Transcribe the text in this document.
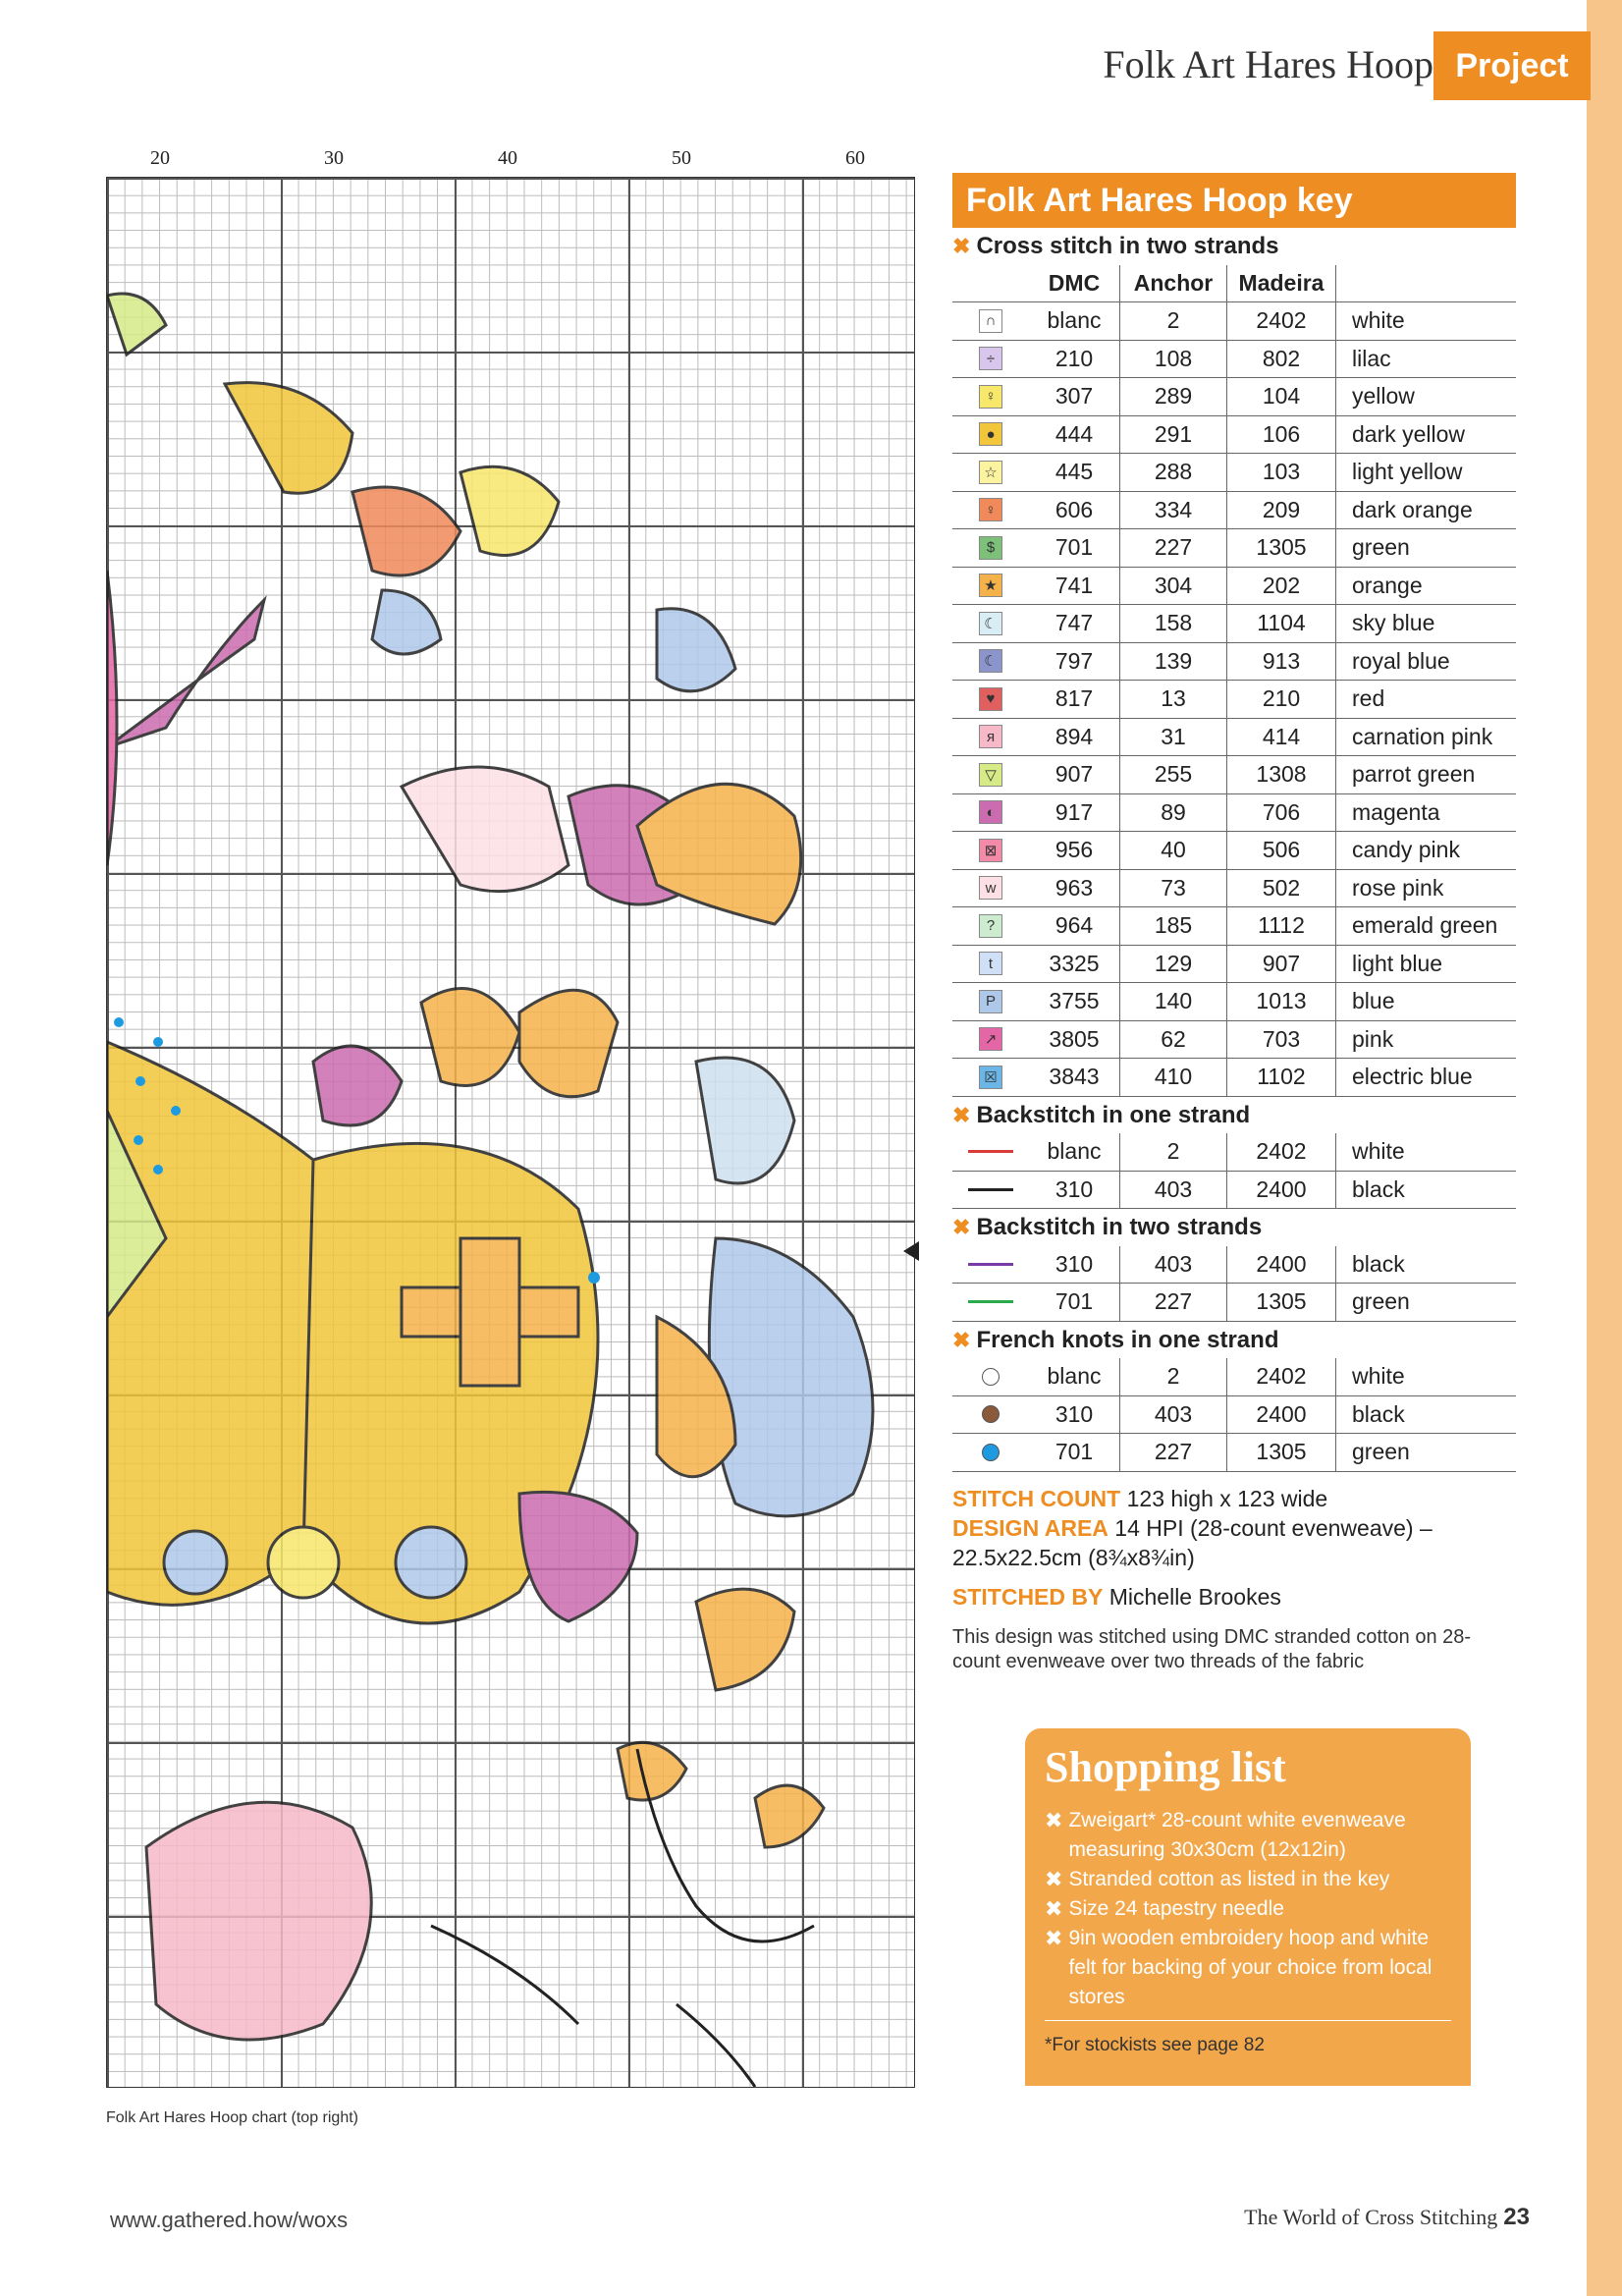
Folk Art Hares Hoop Project
20	30	40	50	60
Folk Art Hares Hoop chart (top right)
Folk Art Hares Hoop key
✖ Cross stitch in two strands
DMC	Anchor	Madeira
∩	blanc	2	2402	white
÷	210	108	802	lilac
♀	307	289	104	yellow
●	444	291	106	dark yellow
☆	445	288	103	light yellow
♀	606	334	209	dark orange
$	701	227	1305	green
★	741	304	202	orange
☾	747	158	1104	sky blue
☾	797	139	913	royal blue
♥	817	13	210	red
я	894	31	414	carnation pink
▽	907	255	1308	parrot green
◐	917	89	706	magenta
⊠	956	40	506	candy pink
w	963	73	502	rose pink
?	964	185	1112	emerald green
t	3325	129	907	light blue
P	3755	140	1013	blue
↗	3805	62	703	pink
☒	3843	410	1102	electric blue
✖ Backstitch in one strand
blanc	2	2402	white
310	403	2400	black
✖ Backstitch in two strands
310	403	2400	black
701	227	1305	green
✖ French knots in one strand
blanc	2	2402	white
310	403	2400	black
701	227	1305	green
STITCH COUNT 123 high x 123 wide
DESIGN AREA 14 HPI (28-count evenweave) – 22.5x22.5cm (8¾x8¾in)
STITCHED BY Michelle Brookes
This design was stitched using DMC stranded cotton on 28-count evenweave over two threads of the fabric
Shopping list
✖ Zweigart* 28-count white evenweave measuring 30x30cm (12x12in)
✖ Stranded cotton as listed in the key
✖ Size 24 tapestry needle
✖ 9in wooden embroidery hoop and white felt for backing of your choice from local stores
*For stockists see page 82
www.gathered.how/woxs	The World of Cross Stitching 23
